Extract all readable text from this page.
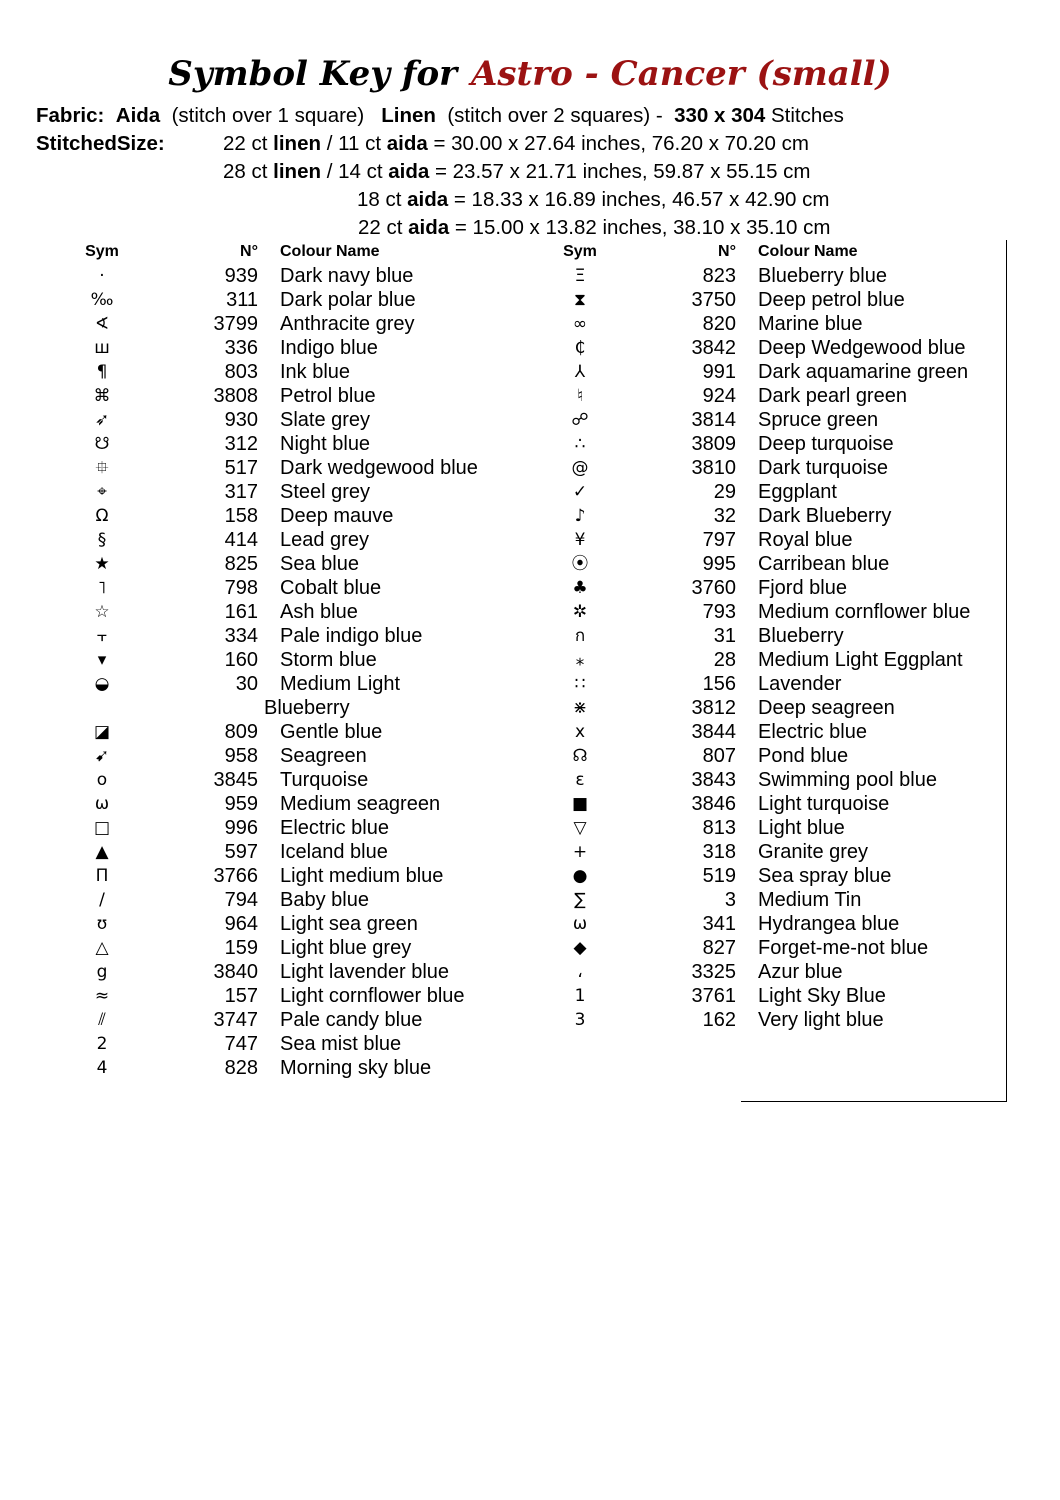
Symbol Key for Astro - Cancer (small)
Fabric: Aida (stitch over 1 square) Linen (stitch over 2 squares) - 330 x 304 Stitches
StitchedSize:	22 ct linen / 11 ct aida = 30.00 x 27.64 inches, 76.20 x 70.20 cm
28 ct linen / 14 ct aida = 23.57 x 21.71 inches, 59.87 x 55.15 cm
18 ct aida = 18.33 x 16.89 inches, 46.57 x 42.90 cm
22 ct aida = 15.00 x 13.82 inches, 38.10 x 35.10 cm
Sym	N° Colour Name
·	939 Dark navy blue
‰	311 Dark polar blue
∢	3799 Anthracite grey
ш	336 Indigo blue
¶	803 Ink blue
⌘	3808 Petrol blue
➶	930 Slate grey
☋	312 Night blue
⯐	517 Dark wedgewood blue
⌖	317 Steel grey
Ω	158 Deep mauve
§	414 Lead grey
★	825 Sea blue
˥	798 Cobalt blue
☆	161 Ash blue
⫟	334 Pale indigo blue
▾	160 Storm blue
◒	30	Medium Light Blueberry
◪	809 Gentle blue
➹	958 Seagreen
o	3845 Turquoise
ω	959 Medium seagreen
□	996 Electric blue
▲	597 Iceland blue
Π	3766 Light medium blue
/	794 Baby blue
ʊ	964 Light sea green
△	159 Light blue grey
g	3840 Light lavender blue
≈	157 Light cornflower blue
⫽	3747 Pale candy blue
2	747 Sea mist blue
4	828 Morning sky blue
Sym	N° Colour Name
Ξ	823 Blueberry blue
⧗	3750 Deep petrol blue
∞	820 Marine blue
₵	3842 Deep Wedgewood blue
⅄	991 Dark aquamarine green
♮	924 Dark pearl green
☍	3814 Spruce green
∴	3809 Deep turquoise
@	3810 Dark turquoise
✓	29 Eggplant
♪	32 Dark Blueberry
¥	797 Royal blue
⦿	995 Carribean blue
♣	3760 Fjord blue
✲	793 Medium cornflower blue
ก	31 Blueberry
⁎	28 Medium Light Eggplant
∷	156 Lavender
⋇	3812 Deep seagreen
x	3844 Electric blue
☊	807 Pond blue
ɛ	3843 Swimming pool blue
■	3846 Light turquoise
▽	813 Light blue
+	318 Granite grey
●	519 Sea spray blue
∑	3 Medium Tin
ω	341 Hydrangea blue
◆	827 Forget-me-not blue
،	3325 Azur blue
1	3761 Light Sky Blue
3	162 Very light blue
